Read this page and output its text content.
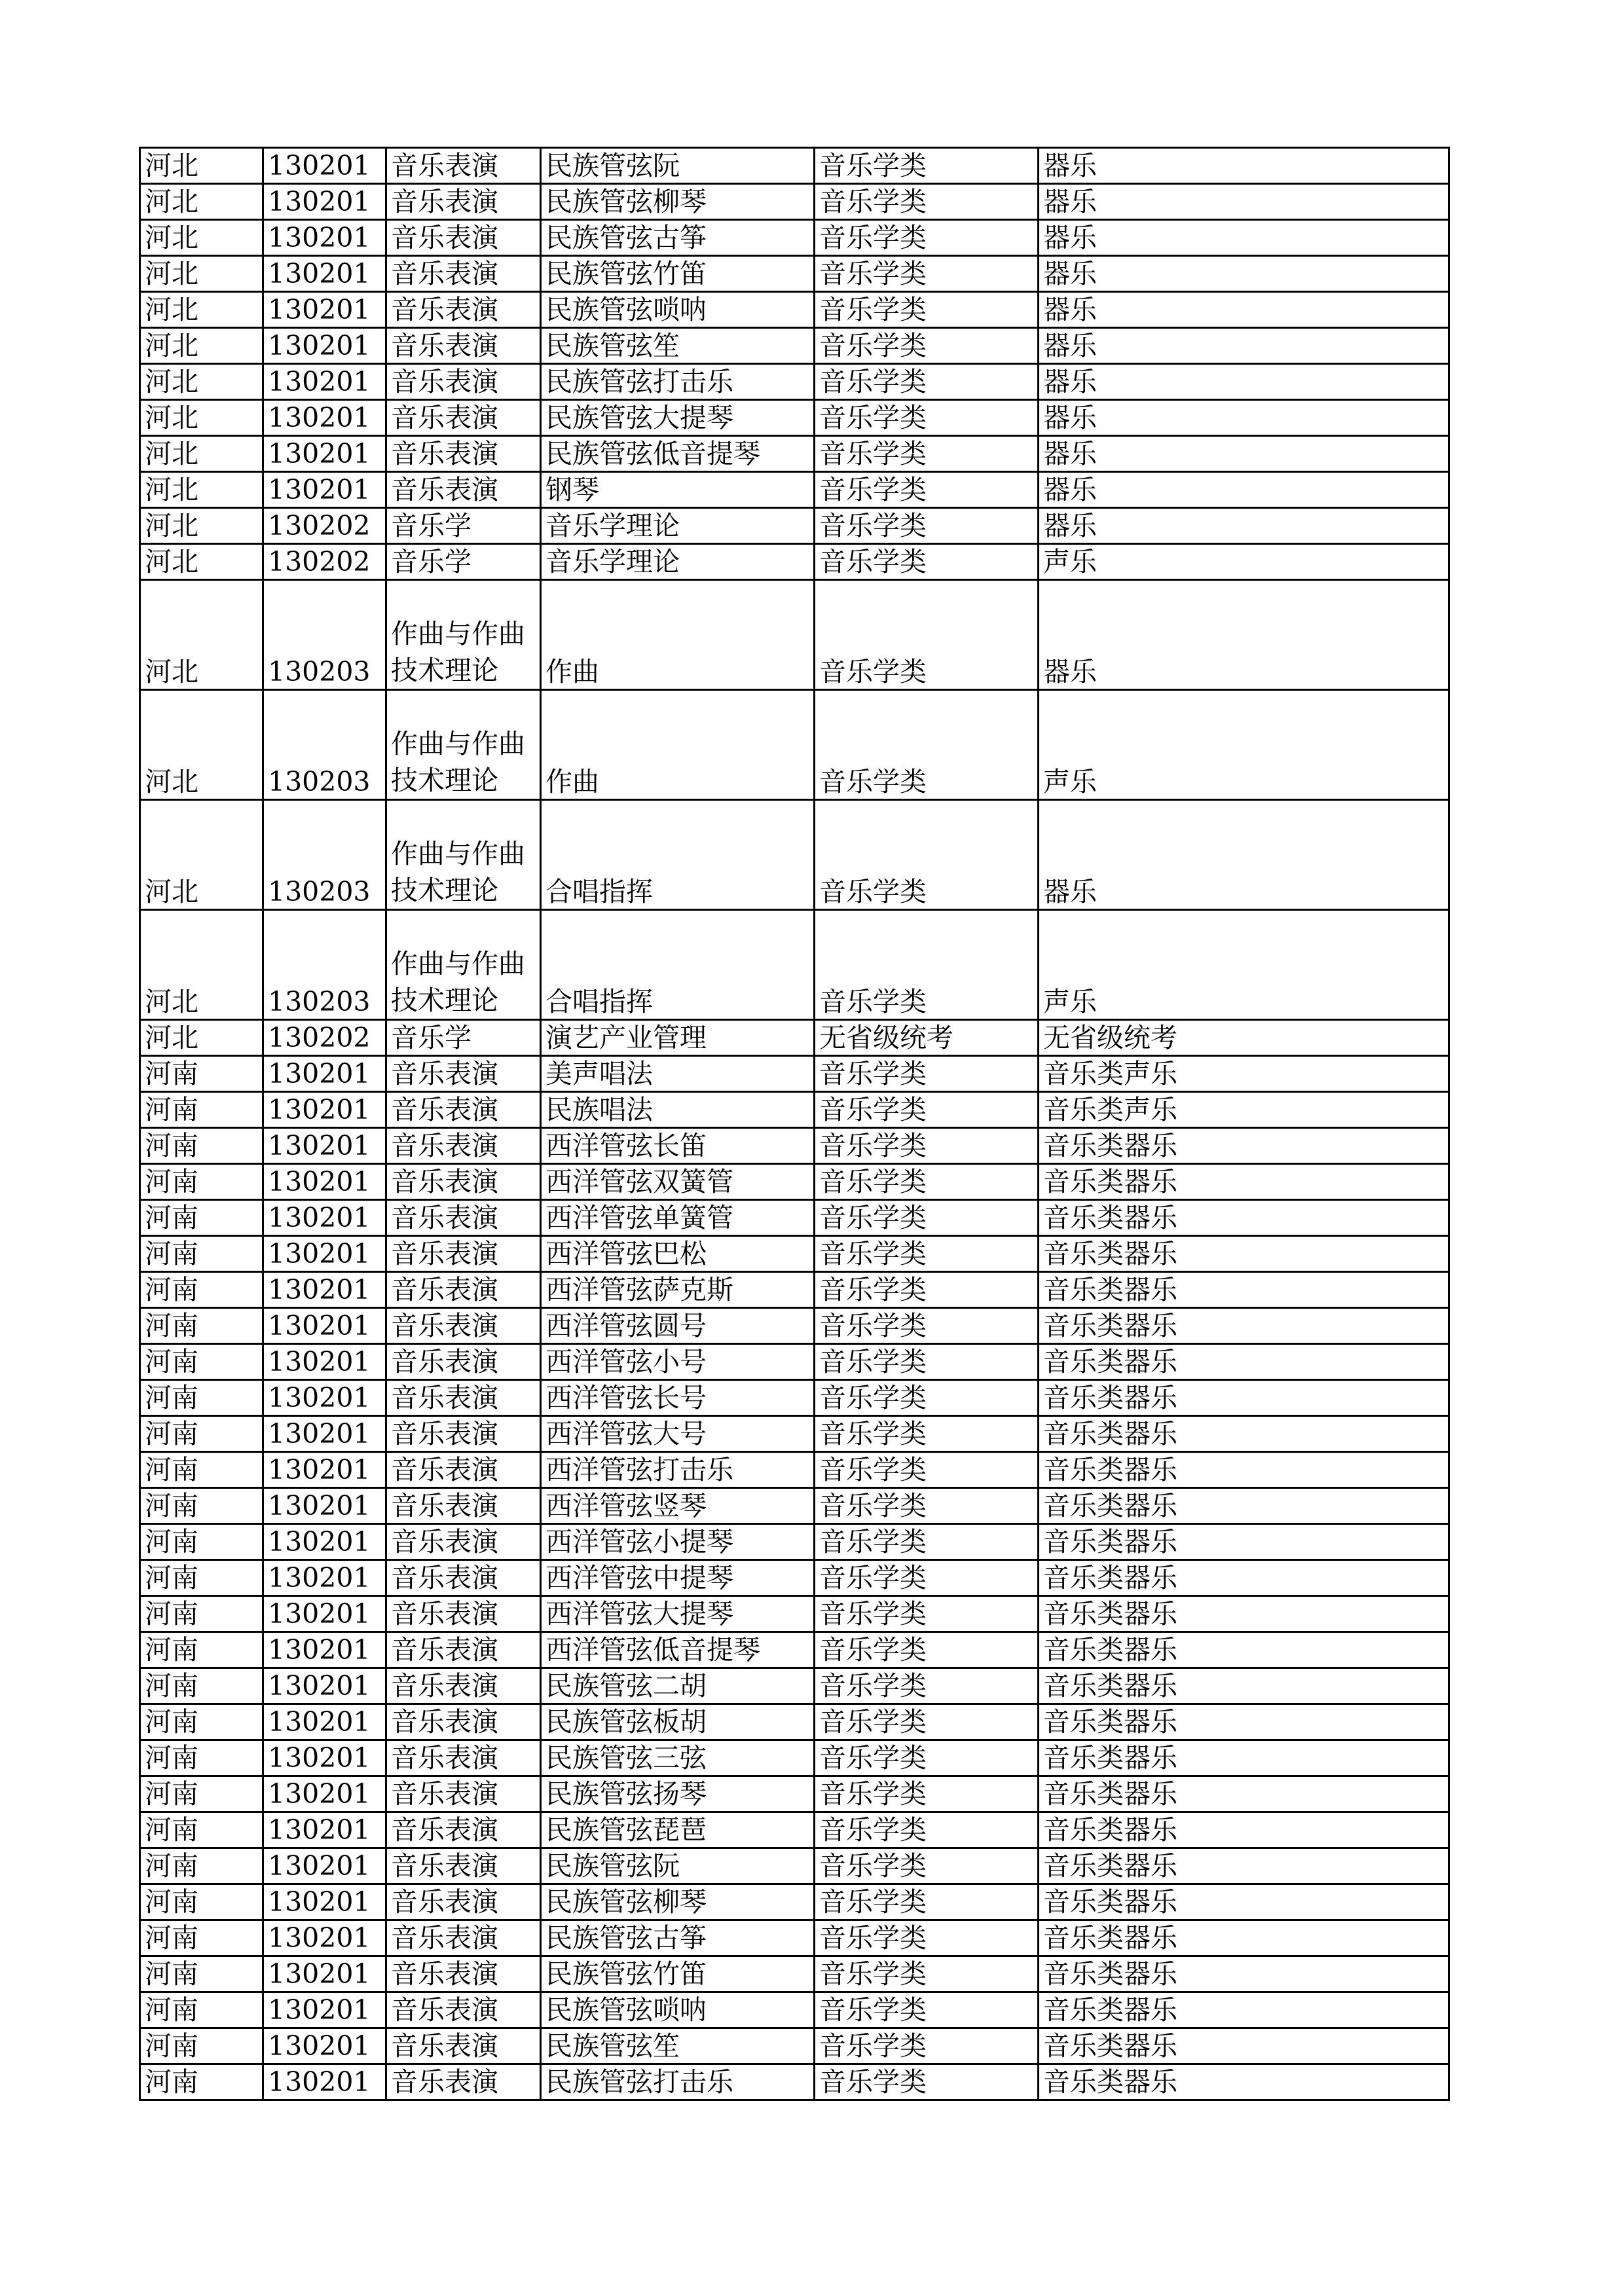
河北	130201	音乐表演	民族管弦阮	音乐学类	器乐
河北	130201	音乐表演	民族管弦柳琴	音乐学类	器乐
河北	130201	音乐表演	民族管弦古筝	音乐学类	器乐
河北	130201	音乐表演	民族管弦竹笛	音乐学类	器乐
河北	130201	音乐表演	民族管弦唢呐	音乐学类	器乐
河北	130201	音乐表演	民族管弦笙	音乐学类	器乐
河北	130201	音乐表演	民族管弦打击乐	音乐学类	器乐
河北	130201	音乐表演	民族管弦大提琴	音乐学类	器乐
河北	130201	音乐表演	民族管弦低音提琴	音乐学类	器乐
河北	130201	音乐表演	钢琴	音乐学类	器乐
河北	130202	音乐学	音乐学理论	音乐学类	器乐
河北	130202	音乐学	音乐学理论	音乐学类	声乐
河北	130203	作曲与作曲技术理论	作曲	音乐学类	器乐
河北	130203	作曲与作曲技术理论	作曲	音乐学类	声乐
河北	130203	作曲与作曲技术理论	合唱指挥	音乐学类	器乐
河北	130203	作曲与作曲技术理论	合唱指挥	音乐学类	声乐
河北	130202	音乐学	演艺产业管理	无省级统考	无省级统考
河南	130201	音乐表演	美声唱法	音乐学类	音乐类声乐
河南	130201	音乐表演	民族唱法	音乐学类	音乐类声乐
河南	130201	音乐表演	西洋管弦长笛	音乐学类	音乐类器乐
河南	130201	音乐表演	西洋管弦双簧管	音乐学类	音乐类器乐
河南	130201	音乐表演	西洋管弦单簧管	音乐学类	音乐类器乐
河南	130201	音乐表演	西洋管弦巴松	音乐学类	音乐类器乐
河南	130201	音乐表演	西洋管弦萨克斯	音乐学类	音乐类器乐
河南	130201	音乐表演	西洋管弦圆号	音乐学类	音乐类器乐
河南	130201	音乐表演	西洋管弦小号	音乐学类	音乐类器乐
河南	130201	音乐表演	西洋管弦长号	音乐学类	音乐类器乐
河南	130201	音乐表演	西洋管弦大号	音乐学类	音乐类器乐
河南	130201	音乐表演	西洋管弦打击乐	音乐学类	音乐类器乐
河南	130201	音乐表演	西洋管弦竖琴	音乐学类	音乐类器乐
河南	130201	音乐表演	西洋管弦小提琴	音乐学类	音乐类器乐
河南	130201	音乐表演	西洋管弦中提琴	音乐学类	音乐类器乐
河南	130201	音乐表演	西洋管弦大提琴	音乐学类	音乐类器乐
河南	130201	音乐表演	西洋管弦低音提琴	音乐学类	音乐类器乐
河南	130201	音乐表演	民族管弦二胡	音乐学类	音乐类器乐
河南	130201	音乐表演	民族管弦板胡	音乐学类	音乐类器乐
河南	130201	音乐表演	民族管弦三弦	音乐学类	音乐类器乐
河南	130201	音乐表演	民族管弦扬琴	音乐学类	音乐类器乐
河南	130201	音乐表演	民族管弦琵琶	音乐学类	音乐类器乐
河南	130201	音乐表演	民族管弦阮	音乐学类	音乐类器乐
河南	130201	音乐表演	民族管弦柳琴	音乐学类	音乐类器乐
河南	130201	音乐表演	民族管弦古筝	音乐学类	音乐类器乐
河南	130201	音乐表演	民族管弦竹笛	音乐学类	音乐类器乐
河南	130201	音乐表演	民族管弦唢呐	音乐学类	音乐类器乐
河南	130201	音乐表演	民族管弦笙	音乐学类	音乐类器乐
河南	130201	音乐表演	民族管弦打击乐	音乐学类	音乐类器乐
